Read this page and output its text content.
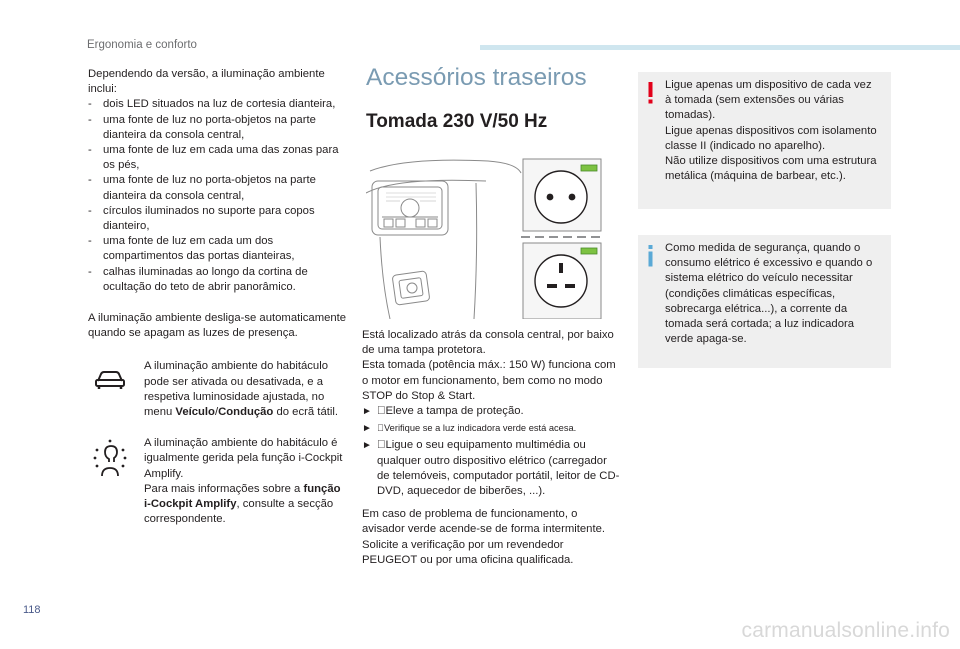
Ergonomia e conforto

Dependendo da versão, a iluminação ambiente inclui:

- dois LED situados na luz de cortesia dianteira,
- uma fonte de luz no porta-objetos na parte dianteira da consola central,
- uma fonte de luz em cada uma das zonas para os pés,
- uma fonte de luz no porta-objetos na parte dianteira da consola central,
- círculos iluminados no suporte para copos dianteiro,
- uma fonte de luz em cada um dos compartimentos das portas dianteiras,
- calhas iluminadas ao longo da cortina de ocultação do teto de abrir panorâmico.

A iluminação ambiente desliga-se automaticamente quando se apagam as luzes de presença.

A iluminação ambiente do habitáculo pode ser ativada ou desativada, e a respetiva luminosidade ajustada, no menu Veículo/Condução do ecrã tátil.
A iluminação ambiente do habitáculo é igualmente gerida pela função i-Cockpit Amplify.
Para mais informações sobre a função i-Cockpit Amplify, consulte a secção correspondente.
Acessórios traseiros
Tomada 230 V/50 Hz

Está localizado atrás da consola central, por baixo de uma tampa protetora.

Esta tomada (potência máx.: 150 W) funciona com o motor em funcionamento, bem como no modo STOP do Stop & Start.

► Eleve a tampa de proteção.
► Verifique se a luz indicadora verde está acesa.
► Ligue o seu equipamento multimédia ou qualquer outro dispositivo elétrico (carregador de telemóveis, computador portátil, leitor de CD-DVD, aquecedor de biberões, ...).

Em caso de problema de funcionamento, o avisador verde acende-se de forma intermitente.

Solicite a verificação por um revendedor PEUGEOT ou por uma oficina qualificada.

Ligue apenas um dispositivo de cada vez à tomada (sem extensões ou várias tomadas).

Ligue apenas dispositivos com isolamento classe II (indicado no aparelho).

Não utilize dispositivos com uma estrutura metálica (máquina de barbear, etc.).

Como medida de segurança, quando o consumo elétrico é excessivo e quando o sistema elétrico do veículo necessitar (condições climáticas específicas, sobrecarga elétrica...), a corrente da tomada será cortada; a luz indicadora verde apaga-se.

118
carmanualsonline.info
